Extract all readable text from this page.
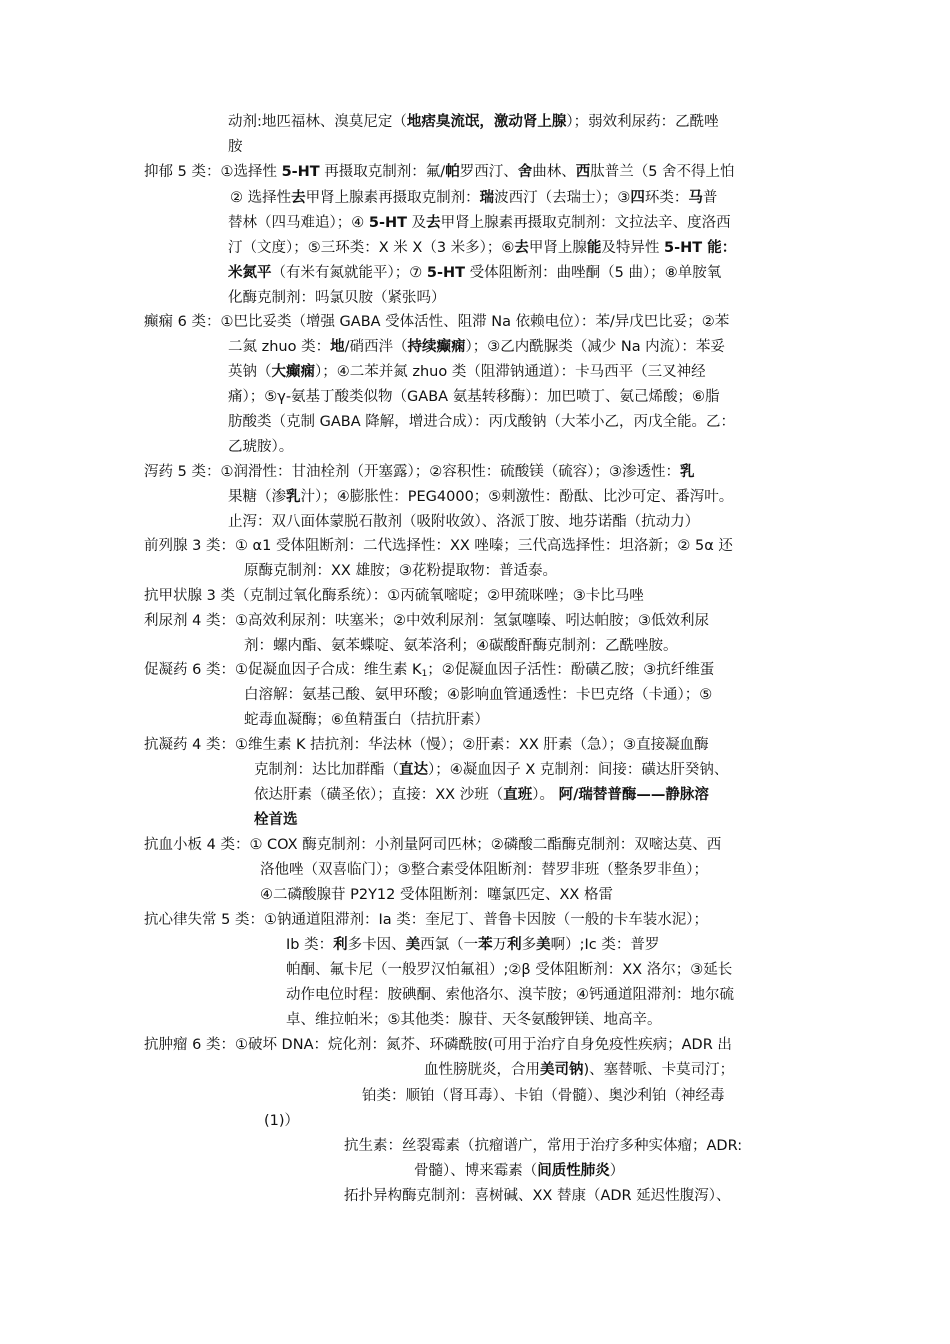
动剂:地匹福林、溴莫尼定（地痞臭流氓，激动肾上腺）；弱效利尿药：乙酰唑
胺
抑郁 5 类：①选择性 5-HT 再摄取克制剂：氟/帕罗西汀、舍曲林、西肽普兰（5 舍不得上怕
② 选择性去甲肾上腺素再摄取克制剂：瑞波西汀（去瑞士）；③四环类：马普
替林（四马难追）；④ 5-HT 及去甲肾上腺素再摄取克制剂：文拉法辛、度洛西
汀（文度）；⑤三环类：X 米 X（3 米多）；⑥去甲肾上腺能及特异性 5-HT 能：
米氮平（有米有氮就能平）；⑦ 5-HT 受体阻断剂：曲唑酮（5 曲）；⑧单胺氧
化酶克制剂：吗氯贝胺（紧张吗）
癫痫 6 类：①巴比妥类（增强 GABA 受体活性、阻滞 Na 依赖电位）：苯/异戊巴比妥；②苯
二氮 zhuo 类：地/硝西泮（持续癫痫）；③乙内酰脲类（减少 Na 内流）：苯妥
英钠（大癫痫）；④二苯并氮 zhuo 类（阻滞钠通道）：卡马西平（三叉神经
痛）；⑤γ-氨基丁酸类似物（GABA 氨基转移酶）：加巴喷丁、氨己烯酸；⑥脂
肪酸类（克制 GABA 降解，增进合成）：丙戊酸钠（大苯小乙，丙戊全能。乙：
乙琥胺）。
泻药 5 类：①润滑性：甘油栓剂（开塞露）；②容积性：硫酸镁（硫容）；③渗透性：乳
果糖（渗乳汁）；④膨胀性：PEG4000；⑤刺激性：酚酞、比沙可定、番泻叶。
止泻：双八面体蒙脱石散剂（吸附收敛）、洛派丁胺、地芬诺酯（抗动力）
前列腺 3 类：① α1 受体阻断剂：二代选择性：XX 唑嗪；三代高选择性：坦洛新；② 5α 还
原酶克制剂：XX 雄胺；③花粉提取物：普适泰。
抗甲状腺 3 类（克制过氧化酶系统）：①丙硫氧嘧啶；②甲巯咪唑；③卡比马唑
利尿剂 4 类：①高效利尿剂：呋塞米；②中效利尿剂：氢氯噻嗪、吲达帕胺；③低效利尿
剂：螺内酯、氨苯蝶啶、氨苯洛利；④碳酸酐酶克制剂：乙酰唑胺。
促凝药 6 类：①促凝血因子合成：维生素 $K_1$；②促凝血因子活性：酚磺乙胺；③抗纤维蛋
白溶解：氨基己酸、氨甲环酸；④影响血管通透性：卡巴克络（卡通）；⑤
蛇毒血凝酶；⑥鱼精蛋白（拮抗肝素）
抗凝药 4 类：①维生素 K 拮抗剂：华法林（慢）；②肝素：XX 肝素（急）；③直接凝血酶
克制剂：达比加群酯（直达）；④凝血因子 X 克制剂：间接：磺达肝癸钠、
依达肝素（磺圣依）；直接：XX 沙班（直班）。 阿/瑞替普酶——静脉溶
栓首选
抗血小板 4 类：① COX 酶克制剂：小剂量阿司匹林；②磷酸二酯酶克制剂：双嘧达莫、西
洛他唑（双喜临门）；③整合素受体阻断剂：替罗非班（整条罗非鱼）；
④二磷酸腺苷 P2Y12 受体阻断剂：噻氯匹定、XX 格雷
抗心律失常 5 类：①钠通道阻滞剂：Ia 类：奎尼丁、普鲁卡因胺（一般的卡车装水泥）；
Ib 类：利多卡因、美西氯（一苯万利多美啊）;Ic 类：普罗
帕酮、氟卡尼（一般罗汉怕氟祖）;②β 受体阻断剂：XX 洛尔；③延长
动作电位时程：胺碘酮、索他洛尔、溴苄胺；④钙通道阻滞剂：地尔硫
卓、维拉帕米；⑤其他类：腺苷、天冬氨酸钾镁、地高辛。
抗肿瘤 6 类：①破坏 DNA：烷化剂：氮芥、环磷酰胺(可用于治疗自身免疫性疾病；ADR 出
血性膀胱炎，合用美司钠)、塞替哌、卡莫司汀；
铂类：顺铂（肾耳毒）、卡铂（骨髓）、奥沙利铂（神经毒
(1)）
抗生素：丝裂霉素（抗瘤谱广，常用于治疗多种实体瘤；ADR:
骨髓）、博来霉素（间质性肺炎）
拓扑异构酶克制剂：喜树碱、XX 替康（ADR 延迟性腹泻）、
